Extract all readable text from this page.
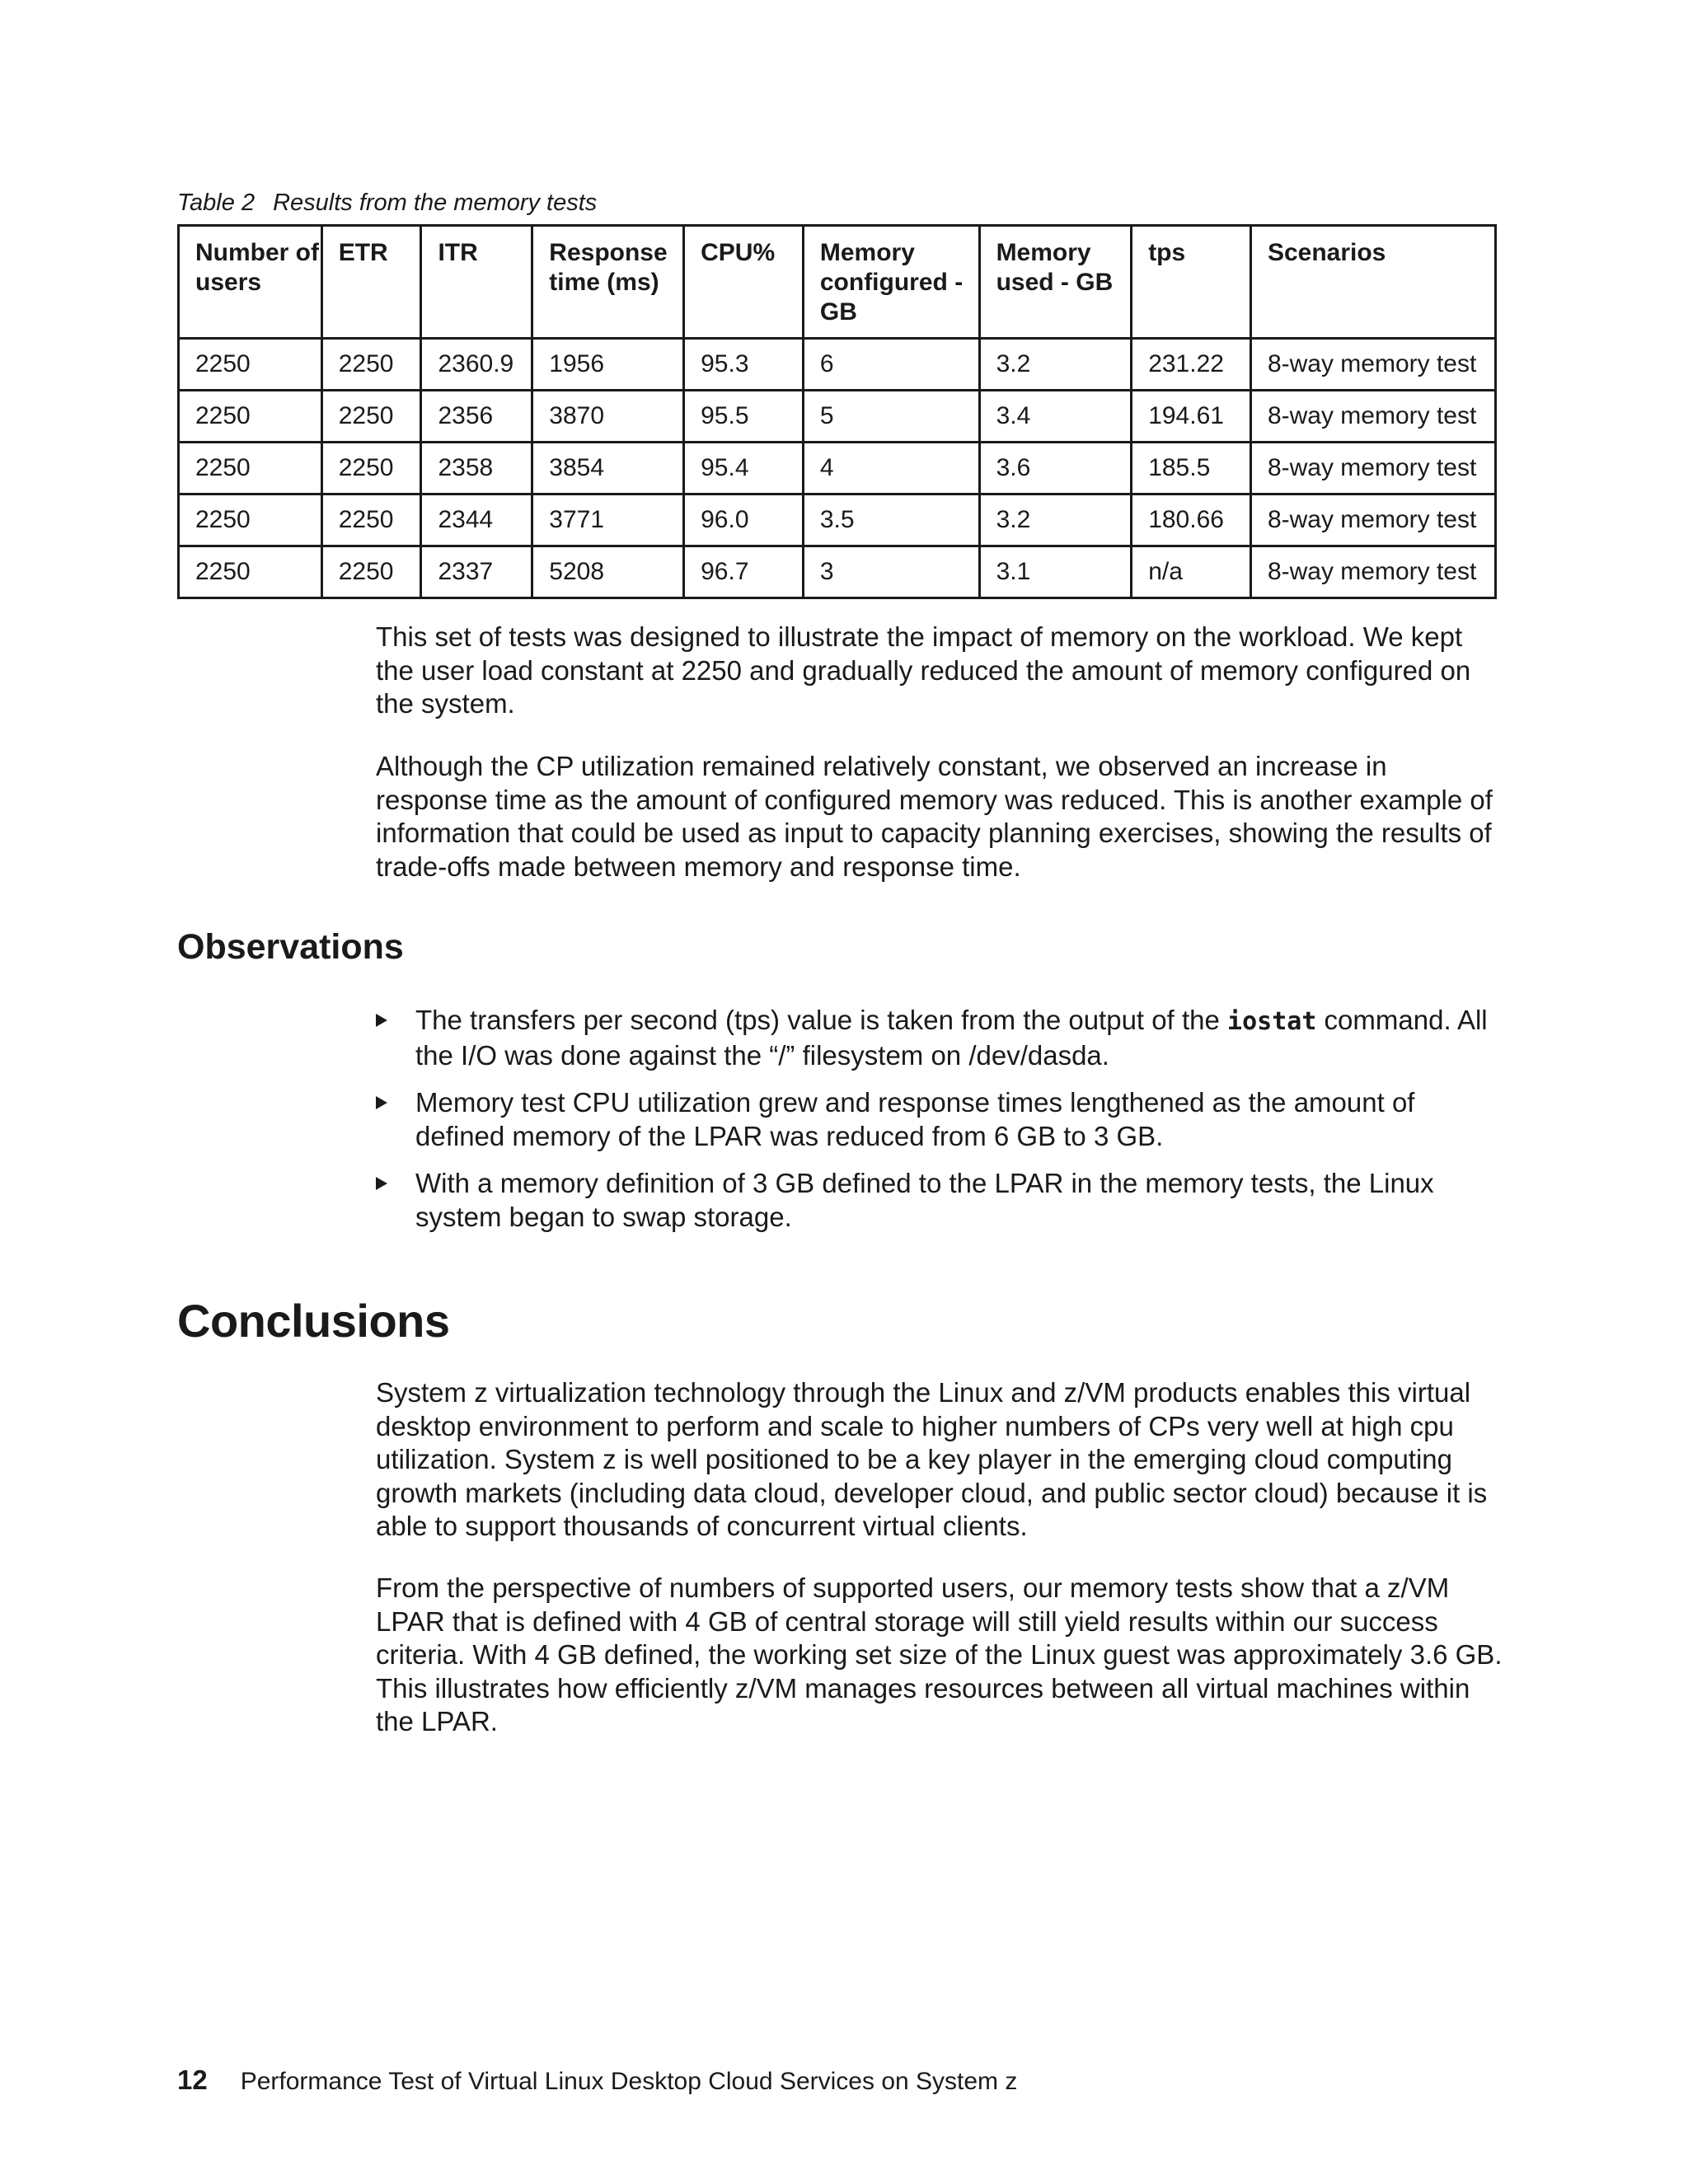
Table 2 Results from the memory tests
Number of users	ETR	ITR	Response time (ms)	CPU%	Memory configured - GB	Memory used - GB	tps	Scenarios
2250	2250	2360.9	1956	95.3	6	3.2	231.22	8-way memory test
2250	2250	2356	3870	95.5	5	3.4	194.61	8-way memory test
2250	2250	2358	3854	95.4	4	3.6	185.5	8-way memory test
2250	2250	2344	3771	96.0	3.5	3.2	180.66	8-way memory test
2250	2250	2337	5208	96.7	3	3.1	n/a	8-way memory test

This set of tests was designed to illustrate the impact of memory on the workload. We kept the user load constant at 2250 and gradually reduced the amount of memory configured on the system.

Although the CP utilization remained relatively constant, we observed an increase in response time as the amount of configured memory was reduced. This is another example of information that could be used as input to capacity planning exercises, showing the results of trade-offs made between memory and response time.

Observations
The transfers per second (tps) value is taken from the output of the iostat command. All the I/O was done against the “/” filesystem on /dev/dasda.
Memory test CPU utilization grew and response times lengthened as the amount of defined memory of the LPAR was reduced from 6 GB to 3 GB.
With a memory definition of 3 GB defined to the LPAR in the memory tests, the Linux system began to swap storage.
Conclusions

System z virtualization technology through the Linux and z/VM products enables this virtual desktop environment to perform and scale to higher numbers of CPs very well at high cpu utilization. System z is well positioned to be a key player in the emerging cloud computing growth markets (including data cloud, developer cloud, and public sector cloud) because it is able to support thousands of concurrent virtual clients.

From the perspective of numbers of supported users, our memory tests show that a z/VM LPAR that is defined with 4 GB of central storage will still yield results within our success criteria. With 4 GB defined, the working set size of the Linux guest was approximately 3.6 GB. This illustrates how efficiently z/VM manages resources between all virtual machines within the LPAR.

12 Performance Test of Virtual Linux Desktop Cloud Services on System z
